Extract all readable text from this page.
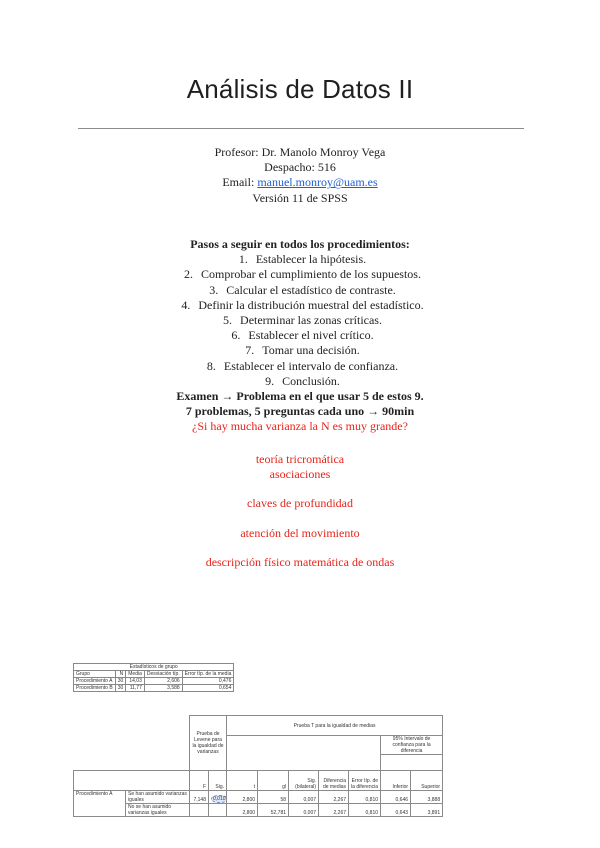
Análisis de Datos II
Profesor: Dr. Manolo Monroy Vega
Despacho: 516
Email: manuel.monroy@uam.es
Versión 11 de SPSS
Pasos a seguir en todos los procedimientos:
1. Establecer la hipótesis.
2. Comprobar el cumplimiento de los supuestos.
3. Calcular el estadístico de contraste.
4. Definir la distribución muestral del estadístico.
5. Determinar las zonas críticas.
6. Establecer el nivel crítico.
7. Tomar una decisión.
8. Establecer el intervalo de confianza.
9. Conclusión.
Examen → Problema en el que usar 5 de estos 9.
7 problemas, 5 preguntas cada uno → 90min
¿Si hay mucha varianza la N es muy grande?
teoría tricromática
asociaciones
claves de profundidad
atención del movimiento
descripción físico matemática de ondas
Estadísticos de grupo				
Grupo	N	Media	Desviación típ.	Error típ. de la media
Procedimiento A	30	14,03	2,606	0,476
Procedimiento B	30	11,77	3,588	0,654
		Prueba de Levene para la igualdad de varianzas		Prueba T para la igualdad de medias						
									95% Intervalo de confianza para la diferencia	

		F	Sig.	t	gl	Sig. (bilateral)	Diferencia de medias	Error típ. de la diferencia	Inferior	Superior
Procedimiento A	Se han asumido varianzas iguales	7,148	0,010	2,800	58	0,007	2,267	0,810	0,646	3,888
	No se han asumido varianzas iguales			2,800	52,781	0,007	2,267	0,810	0,643	3,891
